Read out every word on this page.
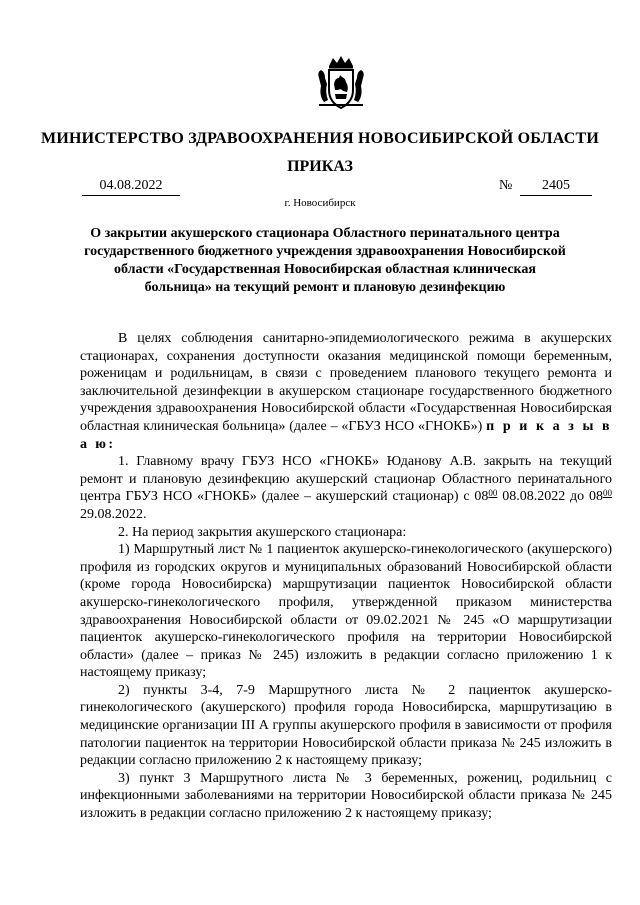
МИНИСТЕРСТВО ЗДРАВООХРАНЕНИЯ НОВОСИБИРСКОЙ ОБЛАСТИ
ПРИКАЗ
04.08.2022	№	2405
г. Новосибирск
О закрытии акушерского стационара Областного перинатального центра государственного бюджетного учреждения здравоохранения Новосибирской области «Государственная Новосибирская областная клиническая больница» на текущий ремонт и плановую дезинфекцию

В целях соблюдения санитарно-эпидемиологического режима в акушерских стационарах, сохранения доступности оказания медицинской помощи беременным, роженицам и родильницам, в связи с проведением планового текущего ремонта и заключительной дезинфекции в акушерском стационаре государственного бюджетного учреждения здравоохранения Новосибирской области «Государственная Новосибирская областная клиническая больница» (далее – «ГБУЗ НСО «ГНОКБ») п р и к а з ы в а ю:

1. Главному врачу ГБУЗ НСО «ГНОКБ» Юданову А.В. закрыть на текущий ремонт и плановую дезинфекцию акушерский стационар Областного перинатального центра ГБУЗ НСО «ГНОКБ» (далее – акушерский стационар) с $08^{00}$ 08.08.2022 до $08^{00}$ 29.08.2022.

2. На период закрытия акушерского стационара:

1) Маршрутный лист № 1 пациенток акушерско-гинекологического (акушерского) профиля из городских округов и муниципальных образований Новосибирской области (кроме города Новосибирска) маршрутизации пациенток Новосибирской области акушерско-гинекологического профиля, утвержденной приказом министерства здравоохранения Новосибирской области от 09.02.2021 № 245 «О маршрутизации пациенток акушерско-гинекологического профиля на территории Новосибирской области» (далее – приказ № 245) изложить в редакции согласно приложению 1 к настоящему приказу;

2) пункты 3-4, 7-9 Маршрутного листа № 2 пациенток акушерско-гинекологического (акушерского) профиля города Новосибирска, маршрутизацию в медицинские организации III А группы акушерского профиля в зависимости от профиля патологии пациенток на территории Новосибирской области приказа № 245 изложить в редакции согласно приложению 2 к настоящему приказу;

3) пункт 3 Маршрутного листа № 3 беременных, рожениц, родильниц с инфекционными заболеваниями на территории Новосибирской области приказа № 245 изложить в редакции согласно приложению 2 к настоящему приказу;
